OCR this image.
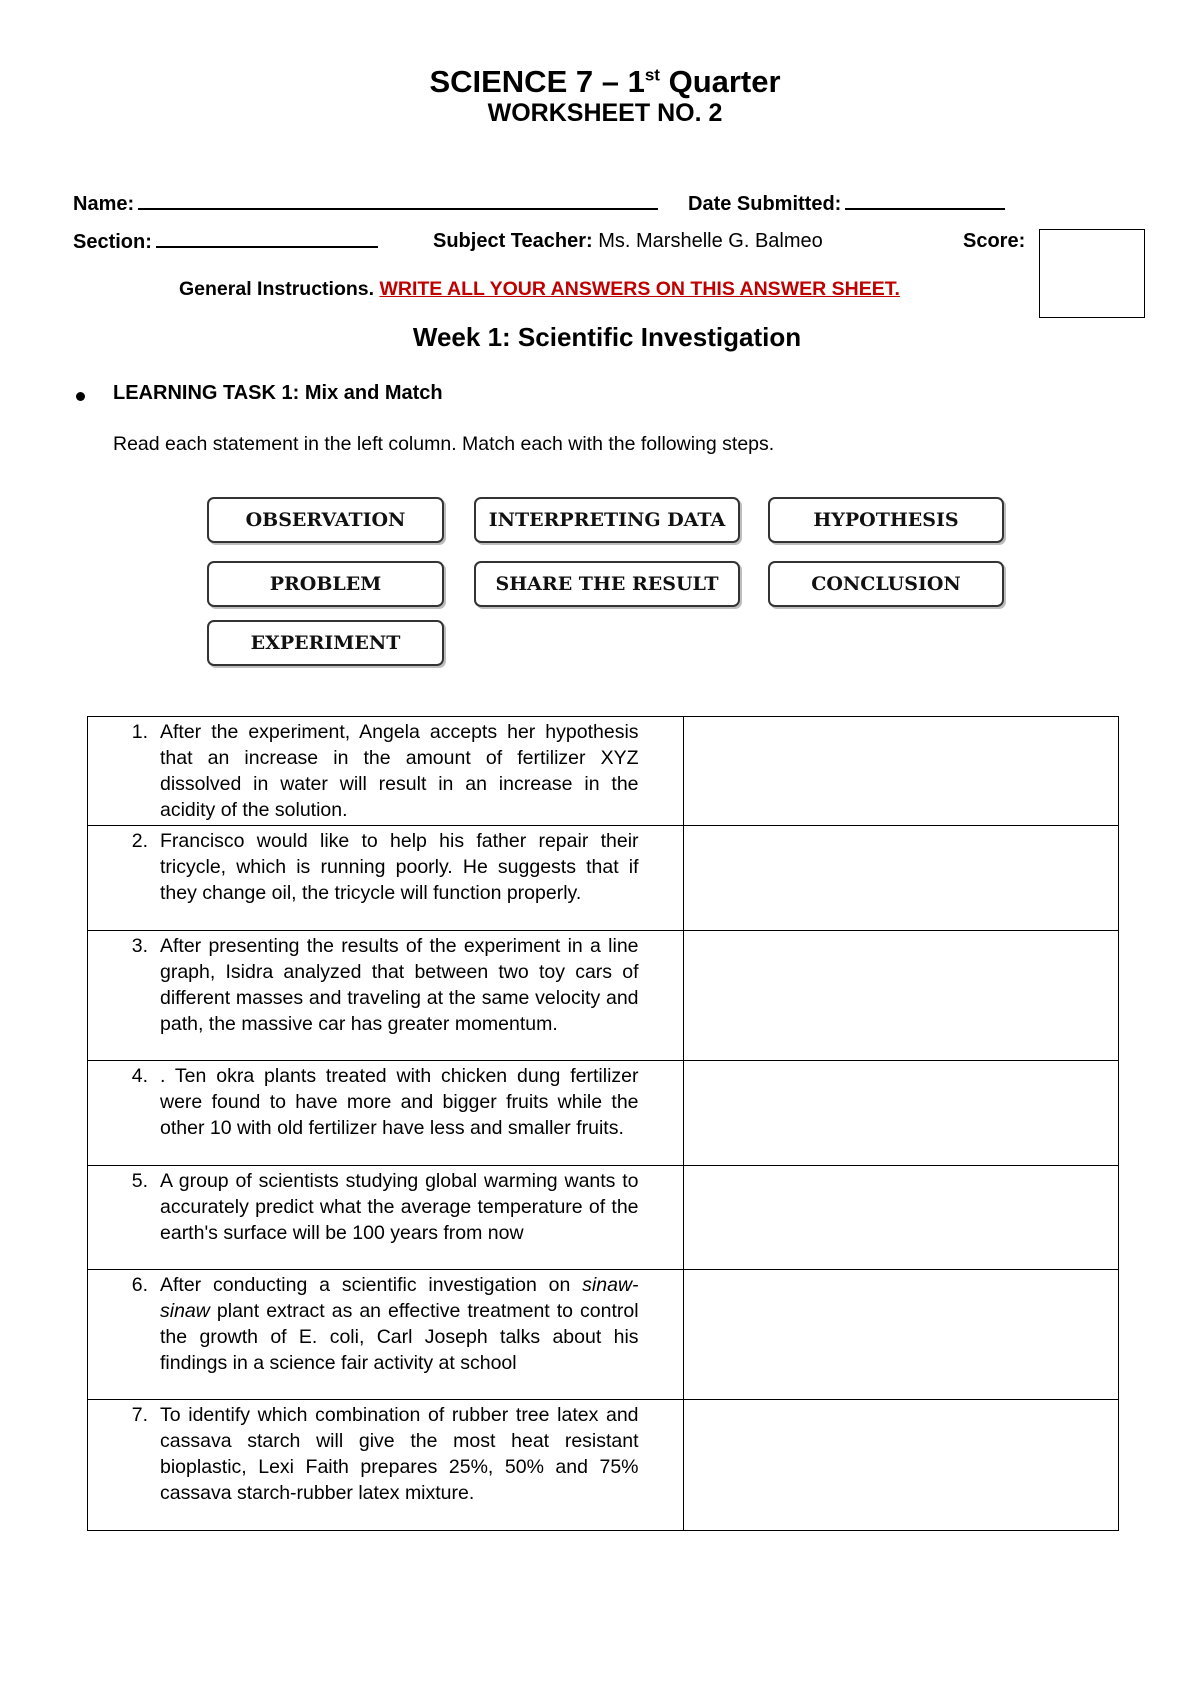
SCIENCE 7 – 1st Quarter
WORKSHEET NO. 2
Name:	Date Submitted:
Section:	Subject Teacher: Ms. Marshelle G. Balmeo	Score:
General Instructions. WRITE ALL YOUR ANSWERS ON THIS ANSWER SHEET.
Week 1: Scientific Investigation
LEARNING TASK 1: Mix and Match
Read each statement in the left column. Match each with the following steps.
OBSERVATION	INTERPRETING DATA	HYPOTHESIS
PROBLEM	SHARE THE RESULT	CONCLUSION
EXPERIMENT
1. After the experiment, Angela accepts her hypothesis that an increase in the amount of fertilizer XYZ dissolved in water will result in an increase in the acidity of the solution.	

2. Francisco would like to help his father repair their tricycle, which is running poorly. He suggests that if they change oil, the tricycle will function properly.	

3. After presenting the results of the experiment in a line graph, Isidra analyzed that between two toy cars of different masses and traveling at the same velocity and path, the massive car has greater momentum.	

4. . Ten okra plants treated with chicken dung fertilizer were found to have more and bigger fruits while the other 10 with old fertilizer have less and smaller fruits.	

5. A group of scientists studying global warming wants to accurately predict what the average temperature of the earth's surface will be 100 years from now	

6. After conducting a scientific investigation on sinaw-sinaw plant extract as an effective treatment to control the growth of E. coli, Carl Joseph talks about his findings in a science fair activity at school	

7. To identify which combination of rubber tree latex and cassava starch will give the most heat resistant bioplastic, Lexi Faith prepares 25%, 50% and 75% cassava starch-rubber latex mixture.	
